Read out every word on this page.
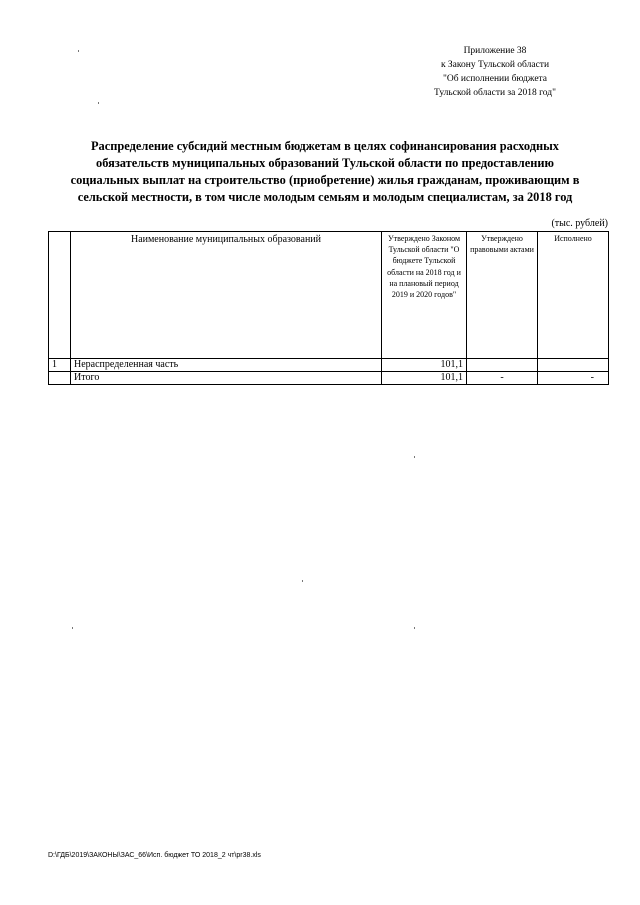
Приложение 38
к Закону Тульской области
"Об исполнении бюджета
Тульской области за 2018 год"
Распределение субсидий местным бюджетам в целях софинансирования расходных
обязательств муниципальных образований Тульской области по предоставлению
социальных выплат на строительство (приобретение) жилья гражданам, проживающим в
сельской местности, в том числе молодым семьям и молодым специалистам, за 2018 год
(тыс. рублей)
	Наименование муниципальных образований	Утверждено Законом Тульской области "О бюджете Тульской области на 2018 год и на плановый период 2019 и 2020 годов"	Утверждено правовыми актами	Исполнено
1	Нераспределенная часть	101,1		
	Итого	101,1	-	-
D:\ГДБ\2019\ЗАКОНЫ\ЗАС_66\Исп. бюджет ТО 2018_2 чт\pr38.xls
